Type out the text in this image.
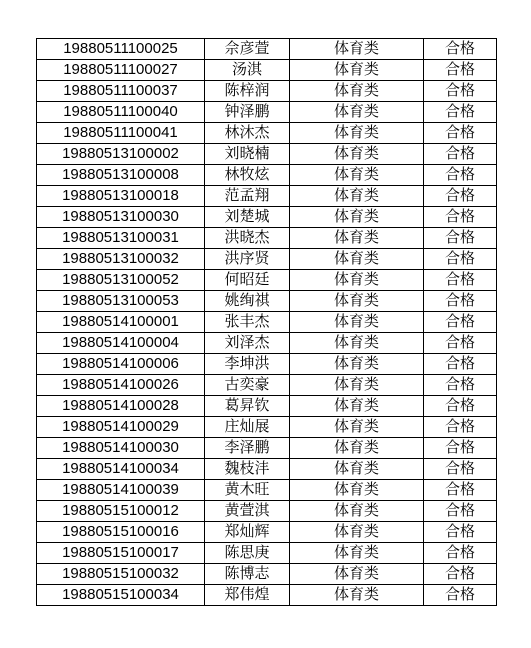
19880511100025	佘彦萱	体育类	合格
19880511100027	汤淇	体育类	合格
19880511100037	陈梓润	体育类	合格
19880511100040	钟泽鹏	体育类	合格
19880511100041	林沐杰	体育类	合格
19880513100002	刘晓楠	体育类	合格
19880513100008	林牧炫	体育类	合格
19880513100018	范孟翔	体育类	合格
19880513100030	刘楚城	体育类	合格
19880513100031	洪晓杰	体育类	合格
19880513100032	洪序贤	体育类	合格
19880513100052	何昭廷	体育类	合格
19880513100053	姚绚祺	体育类	合格
19880514100001	张丰杰	体育类	合格
19880514100004	刘泽杰	体育类	合格
19880514100006	李坤洪	体育类	合格
19880514100026	古奕豪	体育类	合格
19880514100028	葛昇钦	体育类	合格
19880514100029	庄灿展	体育类	合格
19880514100030	李泽鹏	体育类	合格
19880514100034	魏枝沣	体育类	合格
19880514100039	黄木旺	体育类	合格
19880515100012	黄萱淇	体育类	合格
19880515100016	郑灿辉	体育类	合格
19880515100017	陈思庚	体育类	合格
19880515100032	陈博志	体育类	合格
19880515100034	郑伟煌	体育类	合格
